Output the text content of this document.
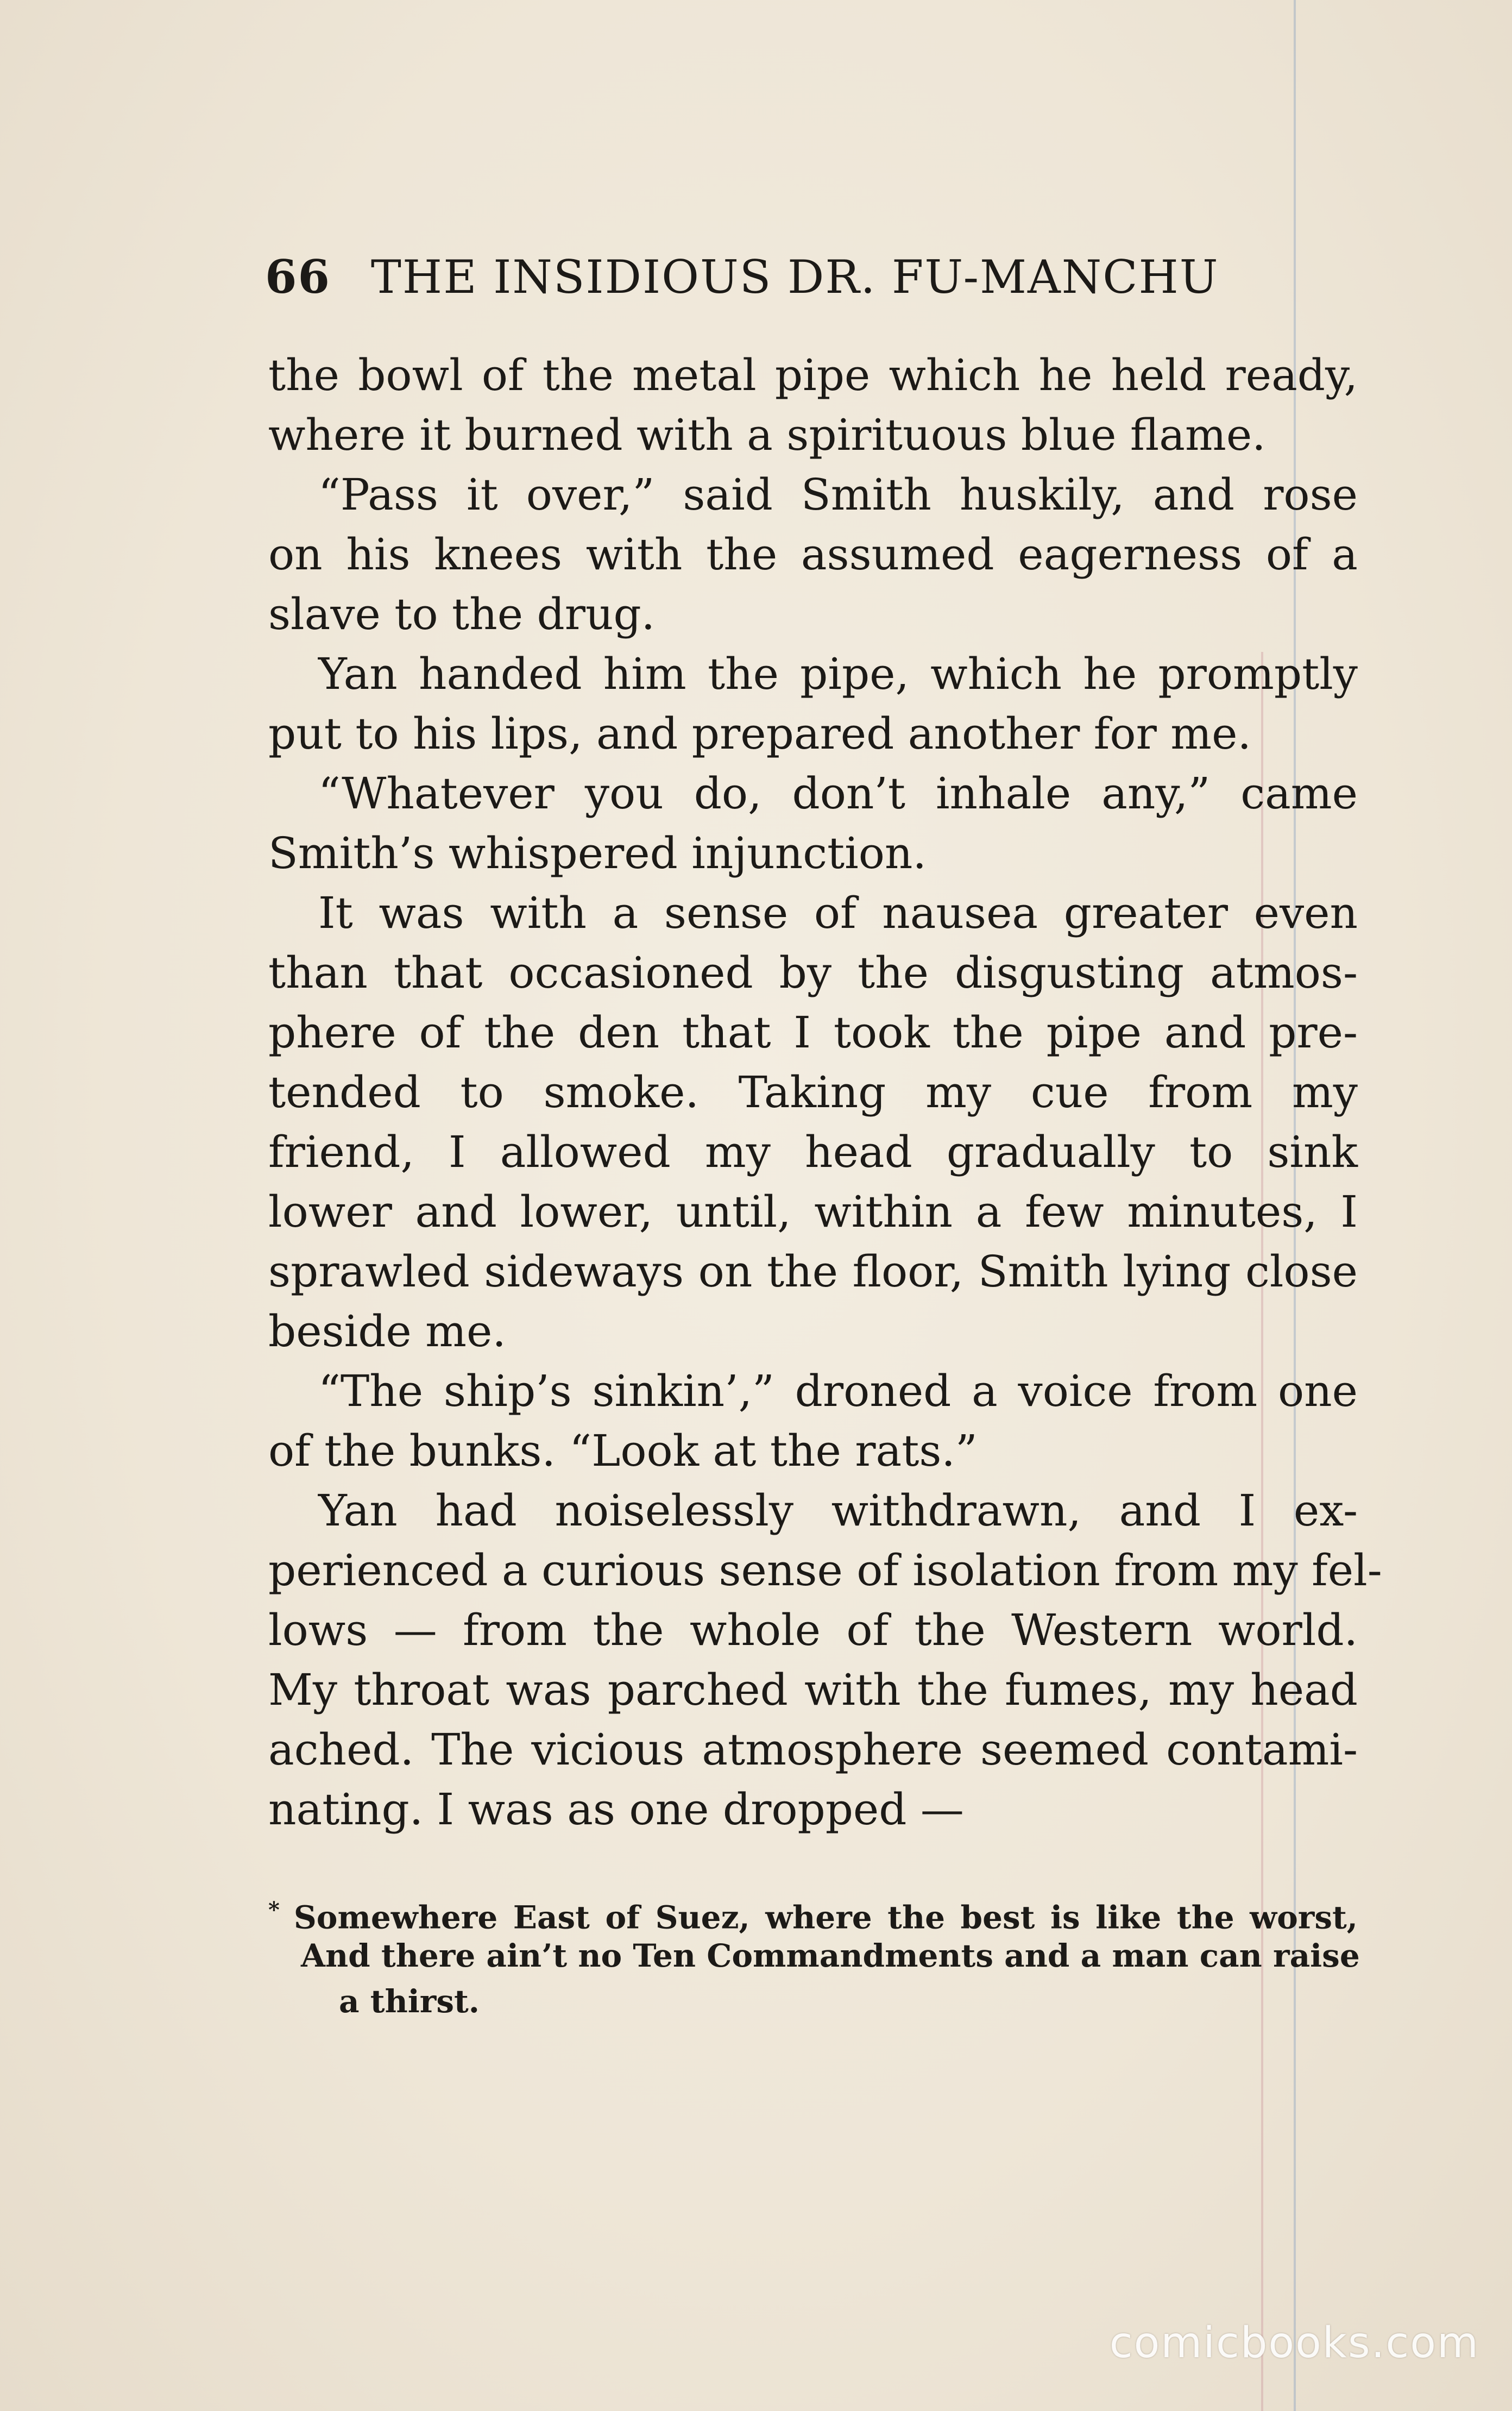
66 THE INSIDIOUS DR. FU-MANCHU
the bowl of the metal pipe which he held ready,
where it burned with a spirituous blue flame.
“Pass it over,” said Smith huskily, and rose
on his knees with the assumed eagerness of a
slave to the drug.
Yan handed him the pipe, which he promptly
put to his lips, and prepared another for me.
“Whatever you do, don’t inhale any,” came
Smith’s whispered injunction.
It was with a sense of nausea greater even
than that occasioned by the disgusting atmos-
phere of the den that I took the pipe and pre-
tended to smoke. Taking my cue from my
friend, I allowed my head gradually to sink
lower and lower, until, within a few minutes, I
sprawled sideways on the floor, Smith lying close
beside me.
“The ship’s sinkin’,” droned a voice from one
of the bunks. “Look at the rats.”
Yan had noiselessly withdrawn, and I ex-
perienced a curious sense of isolation from my fel-
lows — from the whole of the Western world.
My throat was parched with the fumes, my head
ached. The vicious atmosphere seemed contami-
nating. I was as one dropped —
* Somewhere East of Suez, where the best is like the worst,
And there ain’t no Ten Commandments and a man can raise
a thirst.
comicbooks.com
